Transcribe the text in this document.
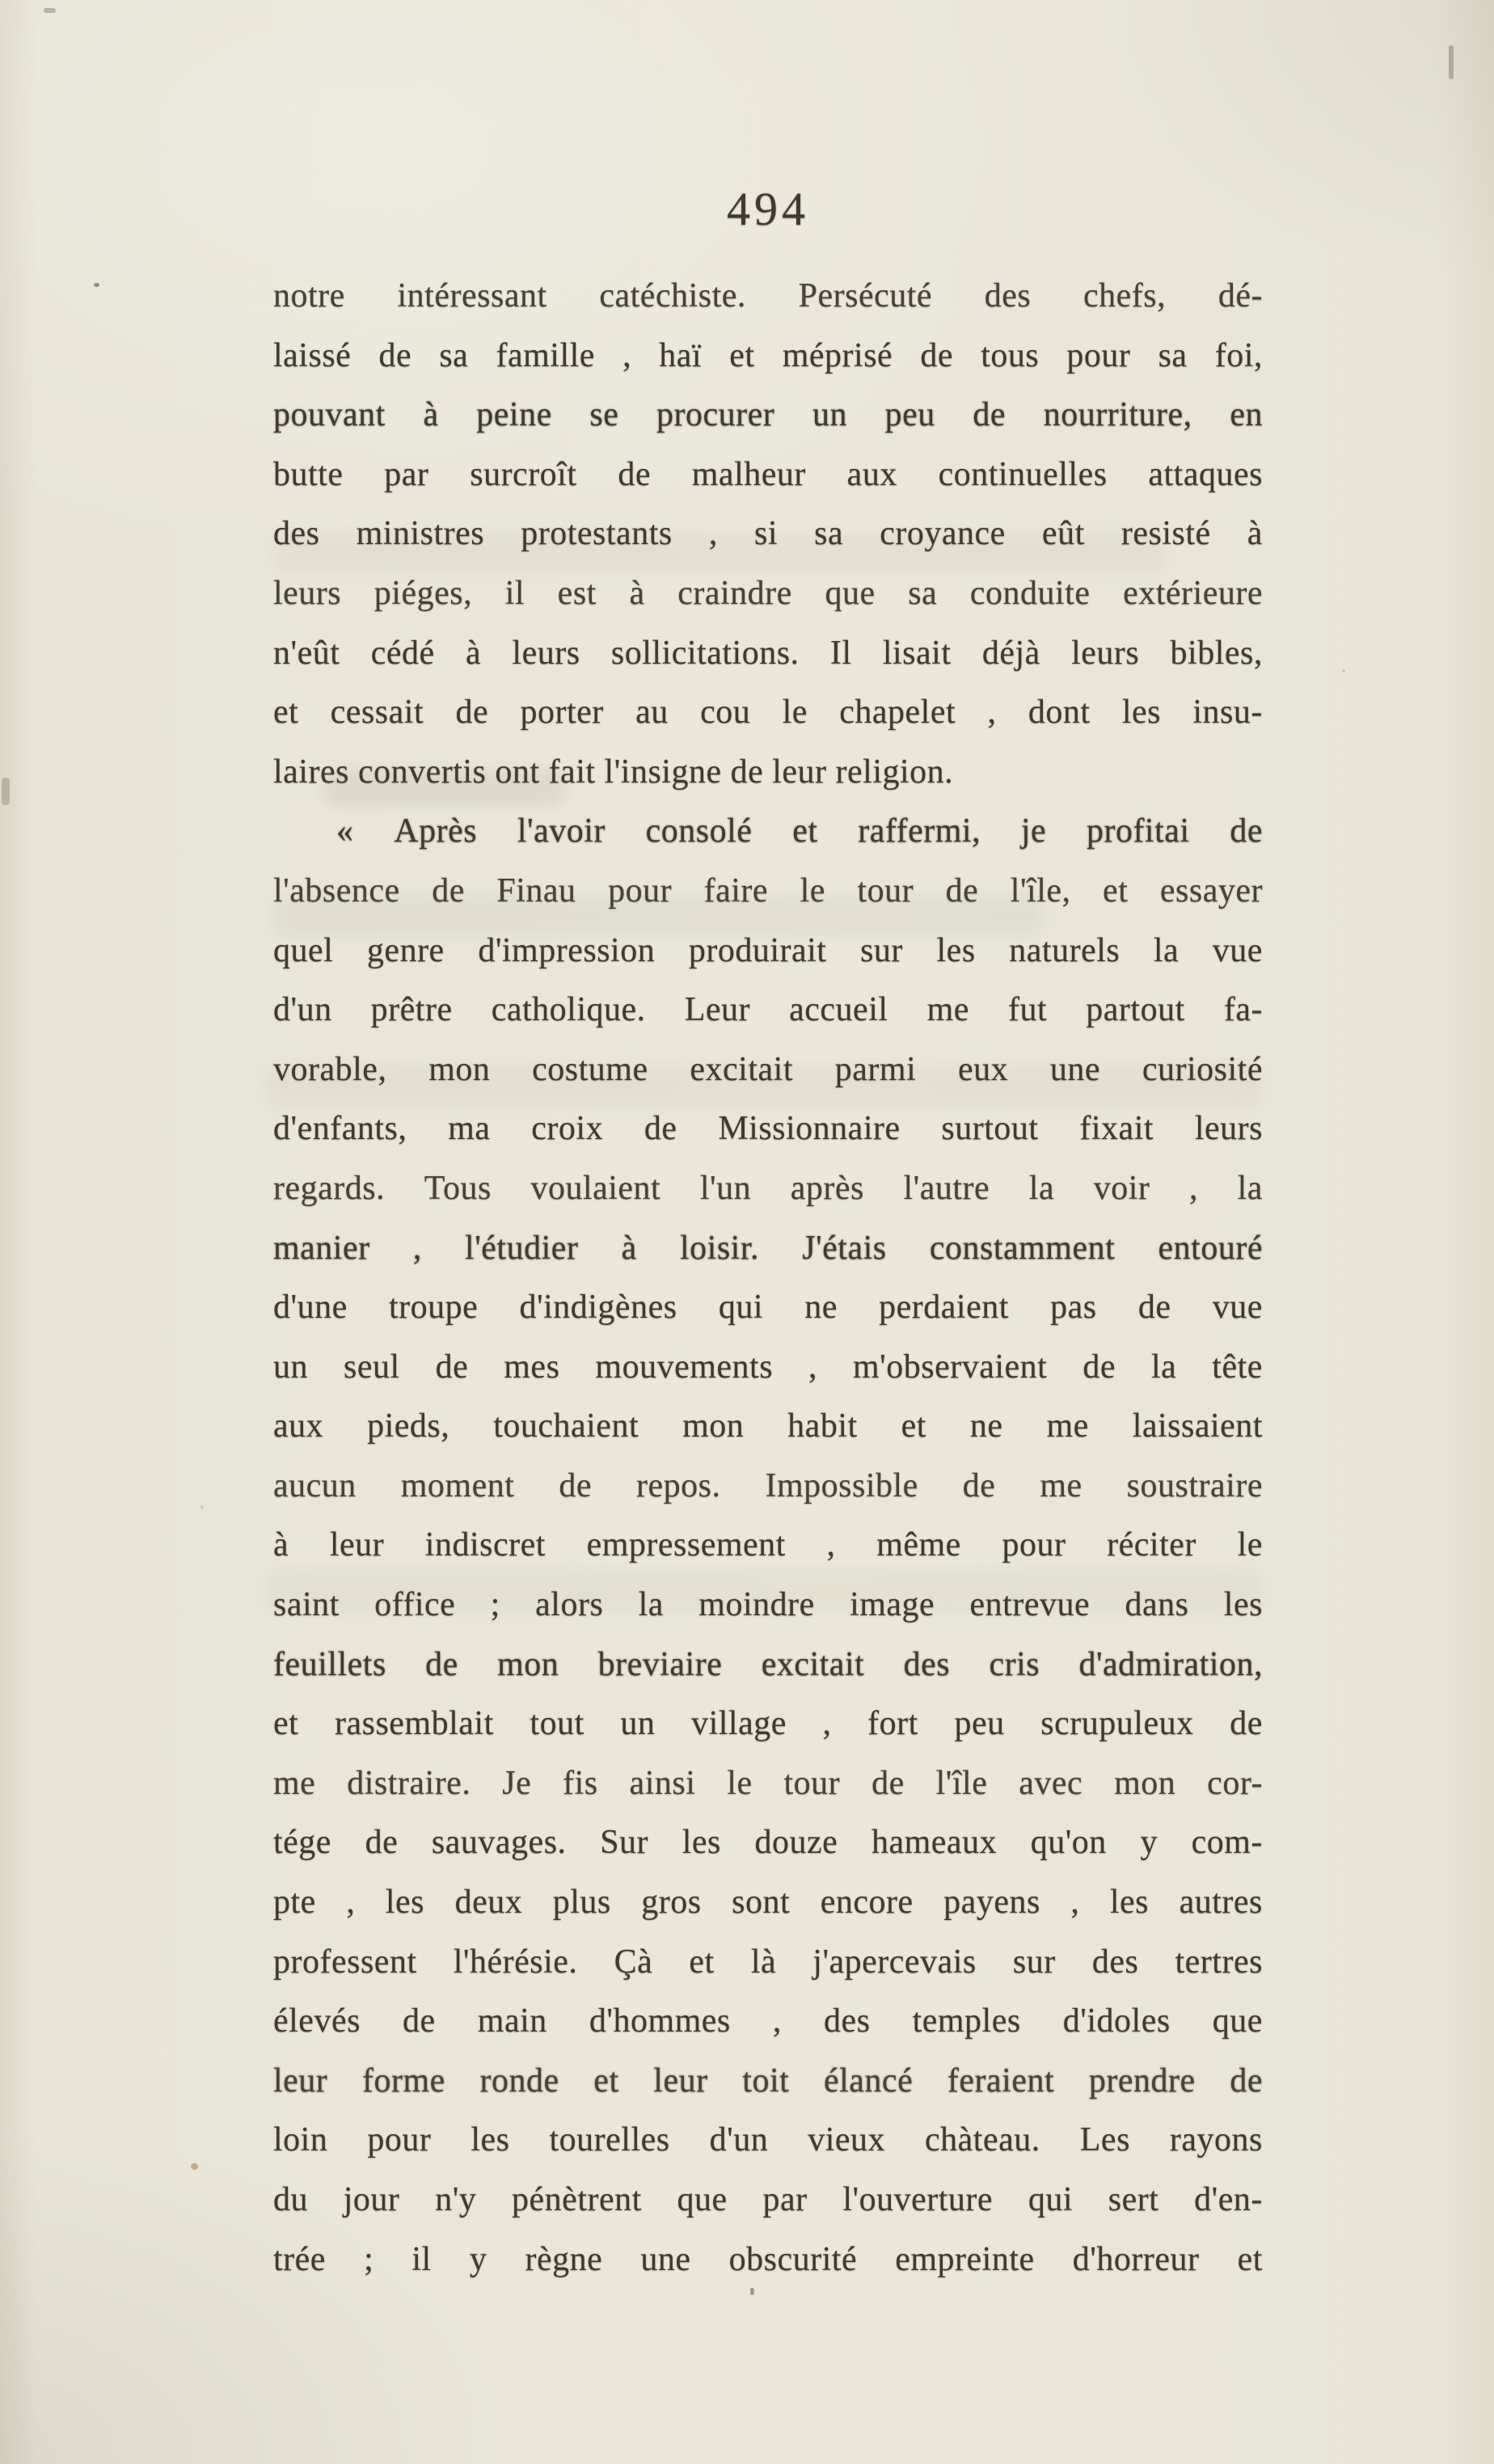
494
notre intéressant catéchiste. Persécuté des chefs, dé-
laissé de sa famille , haï et méprisé de tous pour sa foi,
pouvant à peine se procurer un peu de nourriture, en
butte par surcroît de malheur aux continuelles attaques
des ministres protestants , si sa croyance eût resisté à
leurs piéges, il est à craindre que sa conduite extérieure
n'eût cédé à leurs sollicitations. Il lisait déjà leurs bibles,
et cessait de porter au cou le chapelet , dont les insu-
laires convertis ont fait l'insigne de leur religion.
« Après l'avoir consolé et raffermi, je profitai de
l'absence de Finau pour faire le tour de l'île, et essayer
quel genre d'impression produirait sur les naturels la vue
d'un prêtre catholique. Leur accueil me fut partout fa-
vorable, mon costume excitait parmi eux une curiosité
d'enfants, ma croix de Missionnaire surtout fixait leurs
regards. Tous voulaient l'un après l'autre la voir , la
manier , l'étudier à loisir. J'étais constamment entouré
d'une troupe d'indigènes qui ne perdaient pas de vue
un seul de mes mouvements , m'observaient de la tête
aux pieds, touchaient mon habit et ne me laissaient
aucun moment de repos. Impossible de me soustraire
à leur indiscret empressement , même pour réciter le
saint office ; alors la moindre image entrevue dans les
feuillets de mon breviaire excitait des cris d'admiration,
et rassemblait tout un village , fort peu scrupuleux de
me distraire. Je fis ainsi le tour de l'île avec mon cor-
tége de sauvages. Sur les douze hameaux qu'on y com-
pte , les deux plus gros sont encore payens , les autres
professent l'hérésie. Çà et là j'apercevais sur des tertres
élevés de main d'hommes , des temples d'idoles que
leur forme ronde et leur toit élancé feraient prendre de
loin pour les tourelles d'un vieux chàteau. Les rayons
du jour n'y pénètrent que par l'ouverture qui sert d'en-
trée ; il y règne une obscurité empreinte d'horreur et
